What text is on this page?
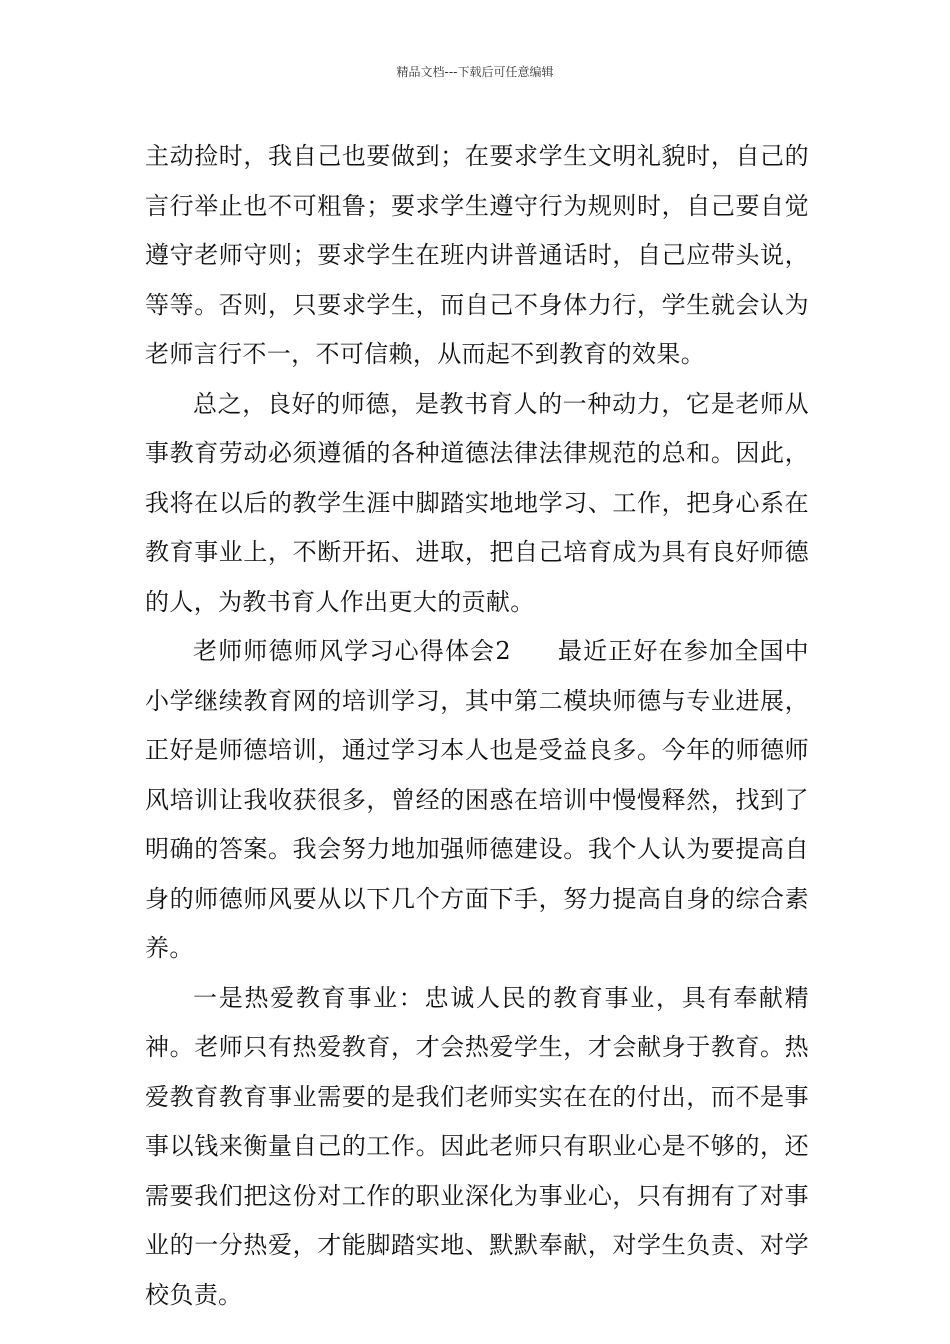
精品文档---下载后可任意编辑

主动捡时，我自己也要做到；在要求学生文明礼貌时，自己的言行举止也不可粗鲁；要求学生遵守行为规则时，自己要自觉遵守老师守则；要求学生在班内讲普通话时，自己应带头说，等等。否则，只要求学生，而自己不身体力行，学生就会认为老师言行不一，不可信赖，从而起不到教育的效果。

总之，良好的师德，是教书育人的一种动力，它是老师从事教育劳动必须遵循的各种道德法律法律规范的总和。因此，我将在以后的教学生涯中脚踏实地地学习、工作，把身心系在教育事业上，不断开拓、进取，把自己培育成为具有良好师德的人，为教书育人作出更大的贡献。

老师师德师风学习心得体会2 最近正好在参加全国中小学继续教育网的培训学习，其中第二模块师德与专业进展，正好是师德培训，通过学习本人也是受益良多。今年的师德师风培训让我收获很多，曾经的困惑在培训中慢慢释然，找到了明确的答案。我会努力地加强师德建设。我个人认为要提高自身的师德师风要从以下几个方面下手，努力提高自身的综合素养。

一是热爱教育事业：忠诚人民的教育事业，具有奉献精神。老师只有热爱教育，才会热爱学生，才会献身于教育。热爱教育教育事业需要的是我们老师实实在在的付出，而不是事事以钱来衡量自己的工作。因此老师只有职业心是不够的，还需要我们把这份对工作的职业深化为事业心，只有拥有了对事业的一分热爱，才能脚踏实地、默默奉献，对学生负责、对学校负责。
